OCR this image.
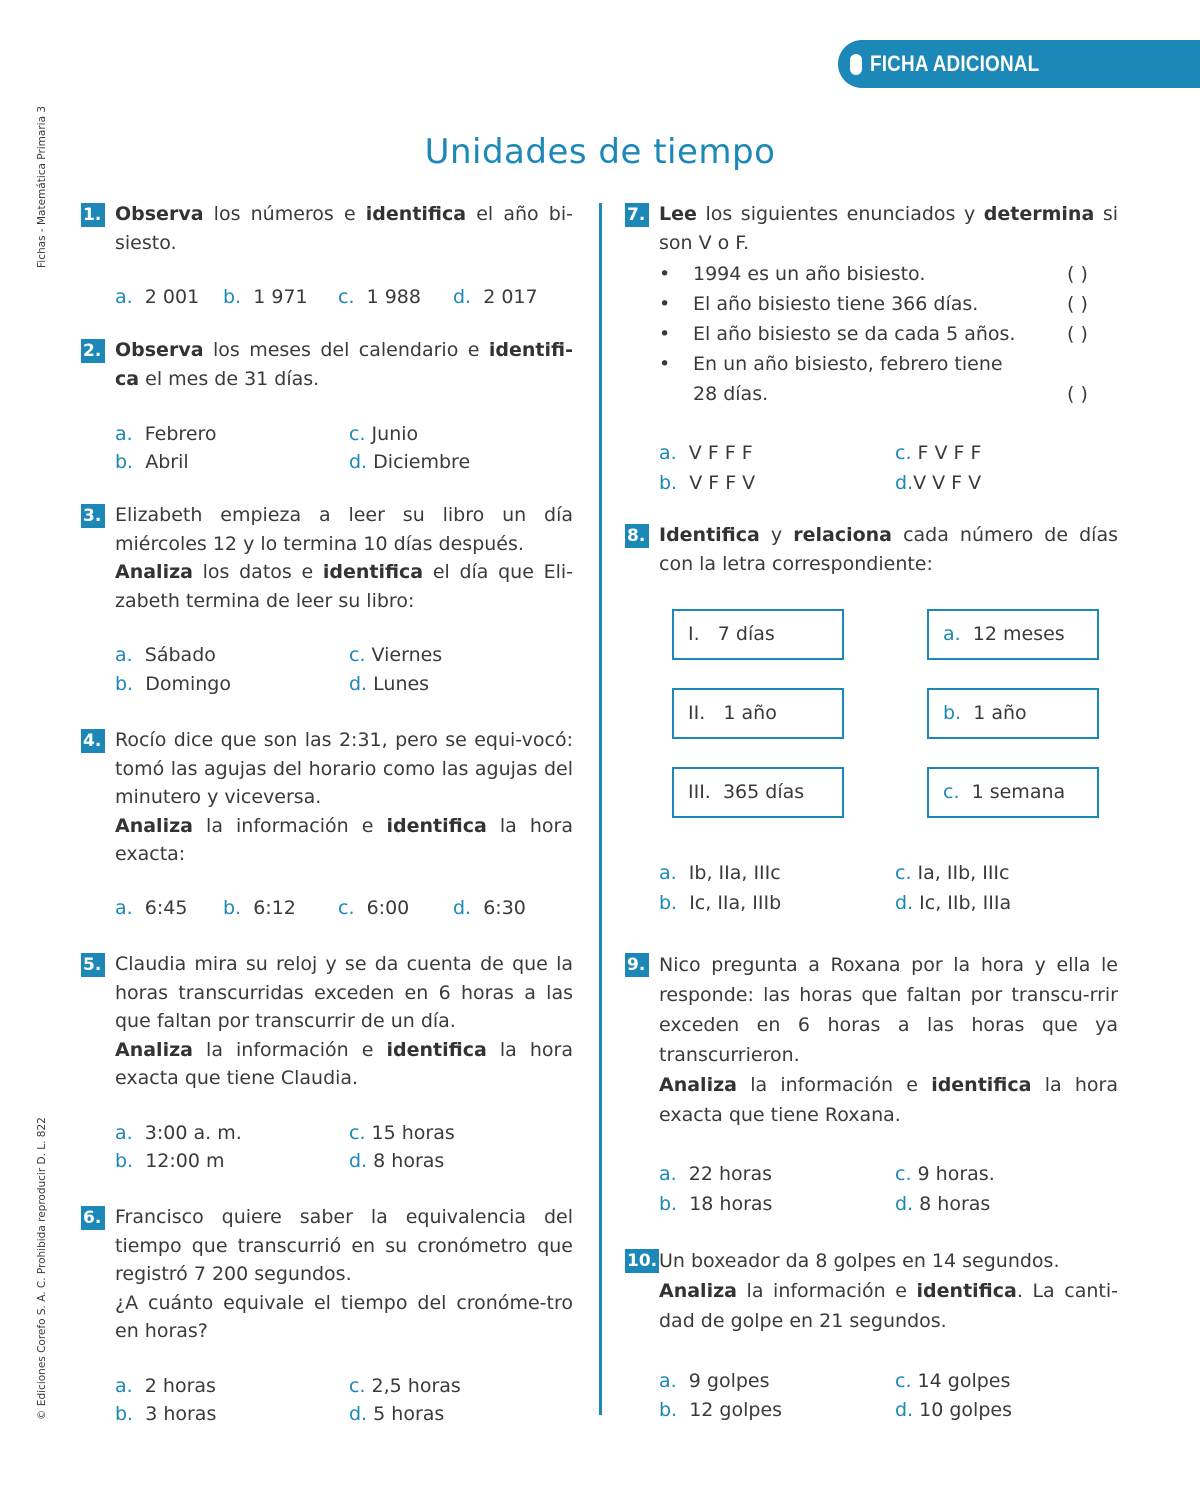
FICHA ADICIONAL
Fichas - Matemática Primaria 3
© Ediciones Corefo S. A. C. Prohibida reproducir D. L. 822
Unidades de tiempo
1. Observa los números e identifica el año bi-siesto.
a. 2 001 b. 1 971 c. 1 988 d. 2 017
2. Observa los meses del calendario e identifi-ca el mes de 31 días.
a. Febrero
b. Abril
c. Junio
d. Diciembre
3. Elizabeth empieza a leer su libro un día miércoles 12 y lo termina 10 días después.

Analiza los datos e identifica el día que Eli-zabeth termina de leer su libro:

a. Sábado
b. Domingo
c. Viernes
d. Lunes
4. Rocío dice que son las 2:31, pero se equi-vocó: tomó las agujas del horario como las agujas del minutero y viceversa.

Analiza la información e identifica la hora exacta:

a. 6:45 b. 6:12 c. 6:00 d. 6:30
5. Claudia mira su reloj y se da cuenta de que la horas transcurridas exceden en 6 horas a las que faltan por transcurrir de un día.

Analiza la información e identifica la hora exacta que tiene Claudia.

a. 3:00 a. m.
b. 12:00 m
c. 15 horas
d. 8 horas
6. Francisco quiere saber la equivalencia del tiempo que transcurrió en su cronómetro que registró 7 200 segundos.

¿A cuánto equivale el tiempo del cronóme-tro en horas?

a. 2 horas
b. 3 horas
c. 2,5 horas
d. 5 horas
7. Lee los siguientes enunciados y determina si son V o F.
• 1994 es un año bisiesto.	( )
• El año bisiesto tiene 366 días.	( )
• El año bisiesto se da cada 5 años.	( )
• En un año bisiesto, febrero tiene
28 días.	( )
a. V F F F
b. V F F V
c. F V F F
d.V V F V
8. Identifica y relaciona cada número de días con la letra correspondiente:
I. 7 días
II. 1 año
III. 365 días
a. 12 meses
b. 1 año
c. 1 semana
a. Ib, IIa, IIIc
b. Ic, IIa, IIIb
c. Ia, IIb, IIIc
d. Ic, IIb, IIIa
9. Nico pregunta a Roxana por la hora y ella le responde: las horas que faltan por transcu-rrir exceden en 6 horas a las horas que ya transcurrieron.

Analiza la información e identifica la hora exacta que tiene Roxana.

a. 22 horas
b. 18 horas
c. 9 horas.
d. 8 horas
10. Un boxeador da 8 golpes en 14 segundos.

Analiza la información e identifica. La canti-dad de golpe en 21 segundos.

a. 9 golpes
b. 12 golpes
c. 14 golpes
d. 10 golpes
